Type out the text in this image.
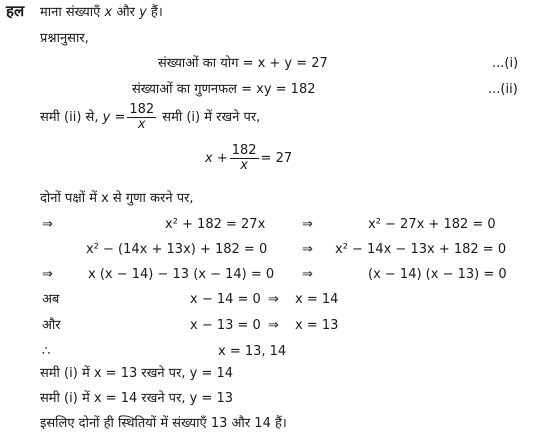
हल माना संख्याएँ x और y हैं।
प्रश्नानुसार,
संख्याओं का योग = x + y = 27	...(i)
संख्याओं का गुणनफल = xy = 182	...(ii)
समी (ii) से, $y = \frac{182}{x}$ समी (i) में रखने पर,
$x + \frac{182}{x} = 27$
दोनों पक्षों में x से गुणा करने पर,
⇒	x² + 182 = 27x	⇒	x² − 27x + 182 = 0
x² − (14x + 13x) + 182 = 0	⇒ x² − 14x − 13x + 182 = 0
⇒	x (x − 14) − 13 (x − 14) = 0 ⇒	(x − 14) (x − 13) = 0
अब	x − 14 = 0 ⇒ x = 14
और	x − 13 = 0 ⇒ x = 13
∴	x = 13, 14
समी (i) में x = 13 रखने पर, y = 14
समी (i) में x = 14 रखने पर, y = 13
इसलिए दोनों ही स्थितियों में संख्याएँ 13 और 14 हैं।
